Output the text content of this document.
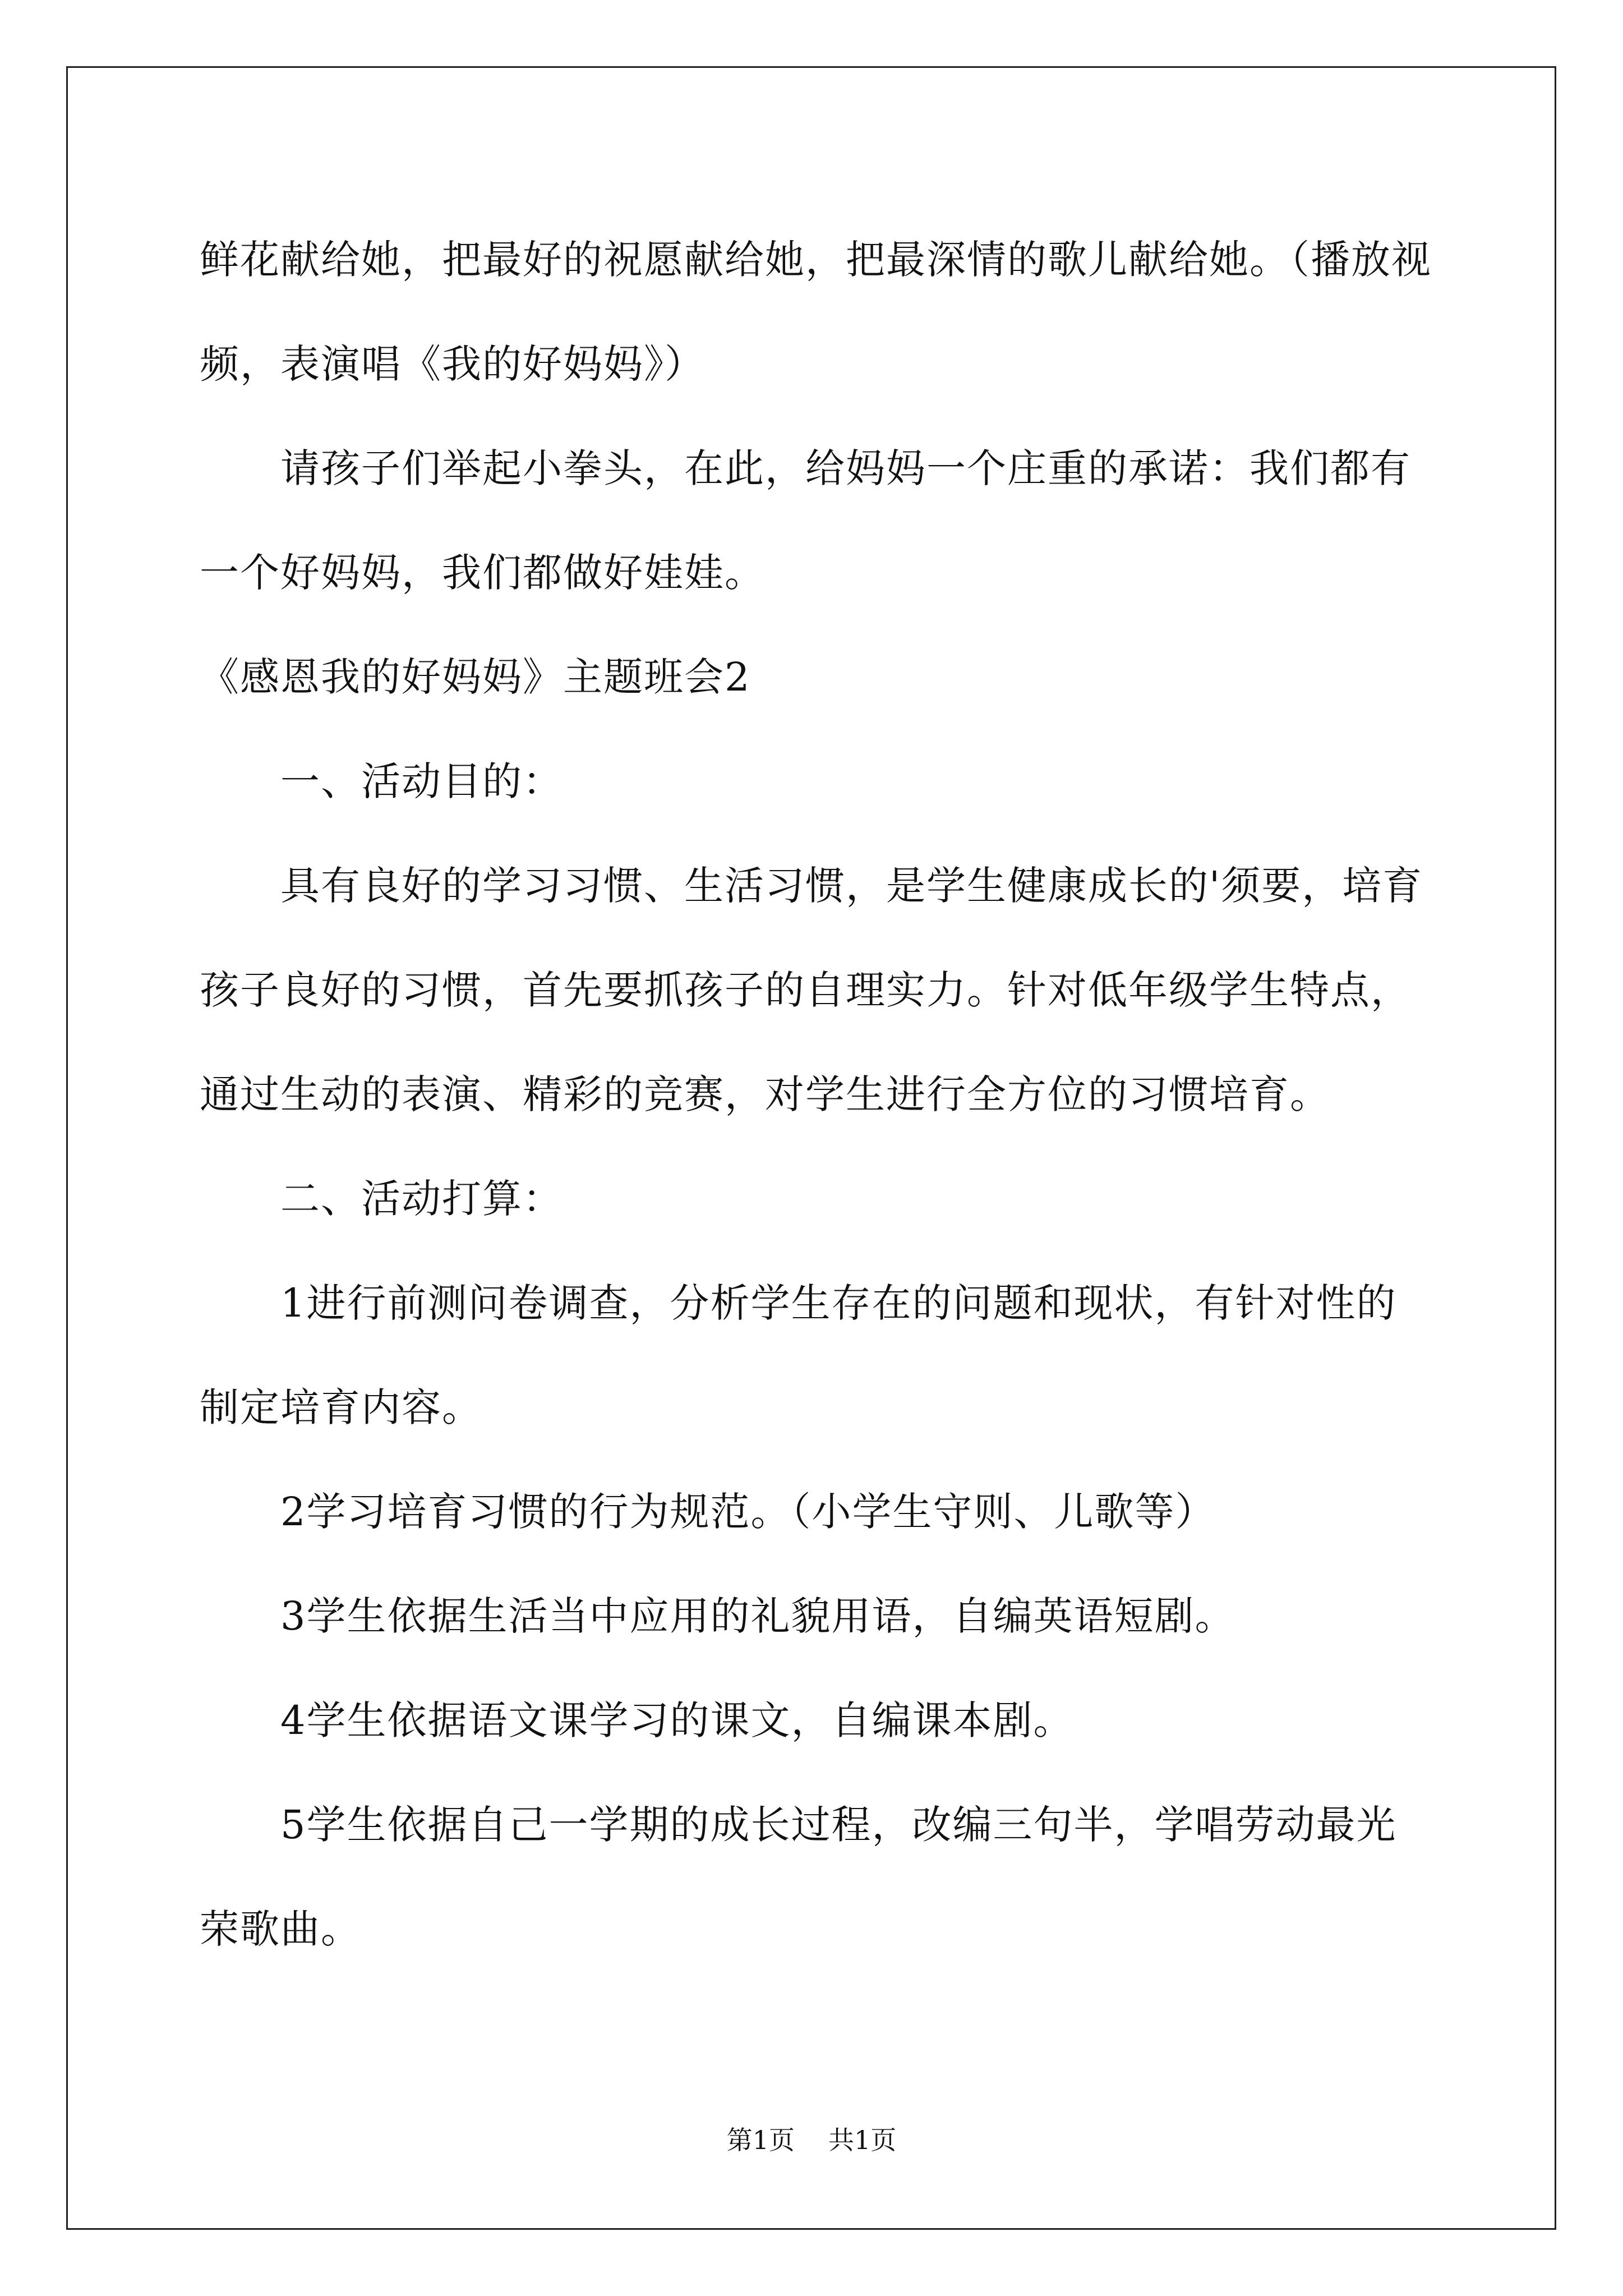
鲜花献给她，把最好的祝愿献给她，把最深情的歌儿献给她。（播放视频，表演唱《我的好妈妈》）

请孩子们举起小拳头，在此，给妈妈一个庄重的承诺：我们都有一个好妈妈，我们都做好娃娃。

《感恩我的好妈妈》主题班会2

一、活动目的：

具有良好的学习习惯、生活习惯，是学生健康成长的'须要，培育孩子良好的习惯，首先要抓孩子的自理实力。针对低年级学生特点，通过生动的表演、精彩的竞赛，对学生进行全方位的习惯培育。

二、活动打算：

1进行前测问卷调查，分析学生存在的问题和现状，有针对性的制定培育内容。

2学习培育习惯的行为规范。（小学生守则、儿歌等）

3学生依据生活当中应用的礼貌用语，自编英语短剧。

4学生依据语文课学习的课文，自编课本剧。

5学生依据自己一学期的成长过程，改编三句半，学唱劳动最光荣歌曲。

第1页 共1页
